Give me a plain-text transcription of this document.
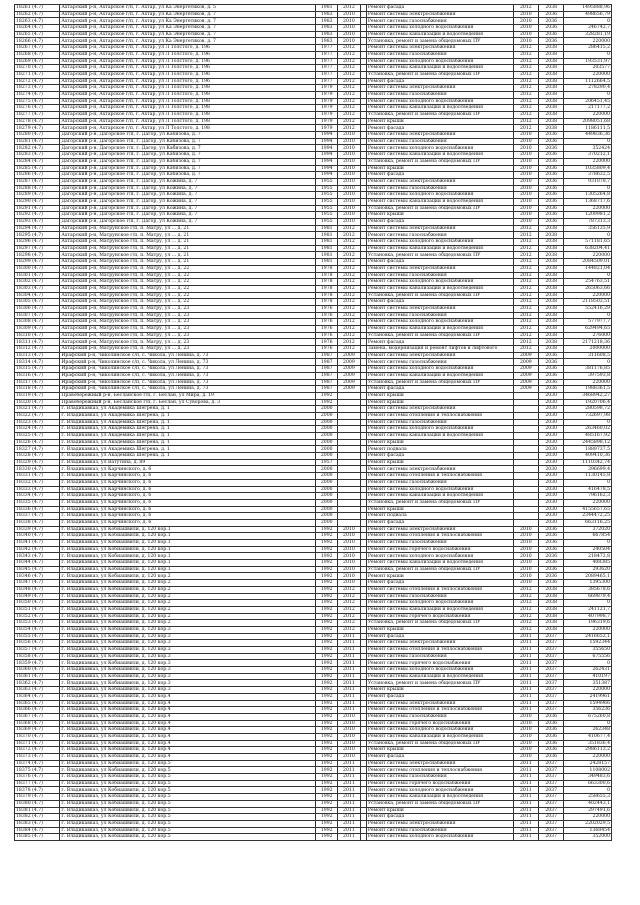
18261 (4.7)	Ахтарский р-н, Ахтарское г/п, г. Ахтар, ул Ка Энергетиков, д. 5	1981	2012		Ремонт фасада	2012	2038	1495888,96
18262 (4.7)	Ахтарский р-н, Ахтарское г/п, г. Ахтар, ул Ка Энергетиков, д. 7	1983	2010		Ремонт системы электроснабжения	2010	2036	498656,79
18263 (4.7)	Ахтарский р-н, Ахтарское г/п, г. Ахтар, ул Ка Энергетиков, д. 7	1983	2010		Ремонт системы газоснабжения	2010	2036	0
18264 (4.7)	Ахтарский р-н, Ахтарское г/п, г. Ахтар, ул Ка Энергетиков, д. 7	1983	2010		Ремонт системы холодного водоснабжения	2010	2036	246742,7
18265 (4.7)	Ахтарский р-н, Ахтарское г/п, г. Ахтар, ул Ка Энергетиков, д. 7	1983	2010		Ремонт системы канализации и водоотведения	2010	2036	328281,19
18266 (4.7)	Ахтарский р-н, Ахтарское г/п, г. Ахтар, ул Ка Энергетиков, д. 7	1983	2010		Установка, ремонт и замена общедомовых ПУ	2010	2036	220000
18267 (4.7)	Ахтарский р-н, Ахтарское г/п, г. Ахтар, ул Л Толстого, д. 196	1977	2012		Ремонт системы электроснабжения	2012	2038	286415,2
18268 (4.7)	Ахтарский р-н, Ахтарское г/п, г. Ахтар, ул Л Толстого, д. 196	1977	2012		Ремонт системы газоснабжения	2012	2038	0
18269 (4.7)	Ахтарский р-н, Ахтарское г/п, г. Ахтар, ул Л Толстого, д. 196	1977	2012		Ремонт системы холодного водоснабжения	2012	2038	193531,97
18270 (4.7)	Ахтарский р-н, Ахтарское г/п, г. Ахтар, ул Л Толстого, д. 196	1977	2012		Ремонт системы канализации и водоотведения	2012	2038	203577
18271 (4.7)	Ахтарский р-н, Ахтарское г/п, г. Ахтар, ул Л Толстого, д. 196	1977	2012		Установка, ремонт и замена общедомовых ПУ	2012	2038	220000
18272 (4.7)	Ахтарский р-н, Ахтарское г/п, г. Ахтар, ул Л Толстого, д. 196	1977	2012		Ремонт фасада	2012	2038	1112664,5
18273 (4.7)	Ахтарский р-н, Ахтарское г/п, г. Ахтар, ул Л Толстого, д. 198	1979	2012		Ремонт системы электроснабжения	2012	2038	278290,4
18274 (4.7)	Ахтарский р-н, Ахтарское г/п, г. Ахтар, ул Л Толстого, д. 198	1979	2012		Ремонт системы газоснабжения	2012	2038	0
18275 (4.7)	Ахтарский р-н, Ахтарское г/п, г. Ахтар, ул Л Толстого, д. 198	1979	2012		Ремонт системы холодного водоснабжения	2012	2038	206451,45
18276 (4.7)	Ахтарский р-н, Ахтарское г/п, г. Ахтар, ул Л Толстого, д. 198	1979	2012		Ремонт системы канализации и водоотведения	2012	2038	217177,2
18277 (4.7)	Ахтарский р-н, Ахтарское г/п, г. Ахтар, ул Л Толстого, д. 198	1979	2012		Установка, ремонт и замена общедомовых ПУ	2012	2038	220000
18278 (4.7)	Ахтарский р-н, Ахтарское г/п, г. Ахтар, ул Л Толстого, д. 198	1979	2012		Ремонт крыши	2012	2038	2098051,68
18279 (4.7)	Ахтарский р-н, Ахтарское г/п, г. Ахтар, ул Л Толстого, д. 198	1979	2012		Ремонт фасада	2012	2038	1186111,5
18280 (4.7)	Дагорский р-н, Дагорское г/п, г. Дагор, ул Кабизова, д. 7	1994	2010		Ремонт системы электроснабжения	2010	2036	449836,36
18281 (4.7)	Дагорский р-н, Дагорское г/п, г. Дагор, ул Кабизова, д. 7	1994	2010		Ремонт системы газоснабжения	2010	2036	0
18282 (4.7)	Дагорский р-н, Дагорское г/п, г. Дагор, ул Кабизова, д. 7	1994	2010		Ремонт системы холодного водоснабжения	2010	2036	352424
18283 (4.7)	Дагорский р-н, Дагорское г/п, г. Дагор, ул Кабизова, д. 7	1994	2010		Ремонт системы канализации и водоотведения	2010	2036	370212,1
18284 (4.7)	Дагорский р-н, Дагорское г/п, г. Дагор, ул Кабизова, д. 7	1994	2010		Установка, ремонт и замена общедомовых ПУ	2010	2036	220000
18285 (4.7)	Дагорский р-н, Дагорское г/п, г. Дагор, ул Кабизова, д. 7	1994	2010		Ремонт крыши	2010	2036	1035809,4
18286 (4.7)	Дагорский р-н, Дагорское г/п, г. Дагор, ул Кабизова, д. 7	1994	2010		Ремонт фасада	2010	2036	378632,5
18287 (4.7)	Дагорский р-н, Дагорское г/п, г. Дагор, ул Кожина, д. 7	1955	2010		Ремонт системы электроснабжения	2010	2036	931078,7
18288 (4.7)	Дагорский р-н, Дагорское г/п, г. Дагор, ул Кожина, д. 7	1955	2010		Ремонт системы газоснабжения	2010	2036	0
18289 (4.7)	Дагорский р-н, Дагорское г/п, г. Дагор, ул Кожина, д. 7	1955	2010		Ремонт системы холодного водоснабжения	2010	2036	1305264,8
18290 (4.7)	Дагорский р-н, Дагорское г/п, г. Дагор, ул Кожина, д. 7	1955	2010		Ремонт системы канализации и водоотведения	2010	2036	1368717,6
18291 (4.7)	Дагорский р-н, Дагорское г/п, г. Дагор, ул Кожина, д. 7	1955	2010		Установка, ремонт и замена общедомовых ПУ	2010	2036	220000
18292 (4.7)	Дагорский р-н, Дагорское г/п, г. Дагор, ул Кожина, д. 7	1955	2010		Ремонт крыши	2010	2036	1209981,2
18293 (4.7)	Дагорский р-н, Дагорское г/п, г. Дагор, ул Кожина, д. 7	1955	2010		Ремонт фасада	2010	2036	787313,3
18294 (4.7)	Ахтарский р-н, Матрунское г/п, п. Матру, ул ... д. 21	1981	2012		Ремонт системы электроснабжения	2012	2038	356135,9
18295 (4.7)	Ахтарский р-н, Матрунское г/п, п. Матру, ул ... д. 21	1981	2012		Ремонт системы газоснабжения	2012	2038	0
18296 (4.7)	Ахтарский р-н, Матрунское г/п, п. Матру, ул ... д. 21	1981	2012		Ремонт системы холодного водоснабжения	2012	2038	571181,65
18297 (4.7)	Ахтарский р-н, Матрунское г/п, п. Матру, ул ... д. 21	1981	2012		Ремонт системы канализации и водоотведения	2012	2038	638204,41
18298 (4.7)	Ахтарский р-н, Матрунское г/п, п. Матру, ул ... д. 21	1981	2012		Установка, ремонт и замена общедомовых ПУ	2012	2038	220000
18299 (4.7)	Ахтарский р-н, Матрунское г/п, п. Матру, ул ... д. 21	1981	2012		Ремонт фасада	2012	2038	2084509,01
18300 (4.7)	Ахтарский р-н, Матрунское г/п, п. Матру, ул ... д. 22	1978	2012		Ремонт системы электроснабжения	2012	2038	144821,04
18301 (4.7)	Ахтарский р-н, Матрунское г/п, п. Матру, ул ... д. 22	1978	2012		Ремонт системы газоснабжения	2012	2038	0
18302 (4.7)	Ахтарский р-н, Матрунское г/п, п. Матру, ул ... д. 22	1978	2012		Ремонт системы холодного водоснабжения	2012	2038	254763,51
18303 (4.7)	Ахтарский р-н, Матрунское г/п, п. Матру, ул ... д. 22	1978	2012		Ремонт системы канализации и водоотведения	2012	2038	265063,66
18304 (4.7)	Ахтарский р-н, Матрунское г/п, п. Матру, ул ... д. 22	1978	2012		Установка, ремонт и замена общедомовых ПУ	2012	2038	220000
18305 (4.7)	Ахтарский р-н, Матрунское г/п, п. Матру, ул ... д. 22	1978	2012		Ремонт фасада	2012	2038	2118503,51
18306 (4.7)	Ахтарский р-н, Матрунское г/п, п. Матру, ул ... д. 23	1976	2012		Ремонт системы электроснабжения	2012	2038	552416,29
18307 (4.7)	Ахтарский р-н, Матрунское г/п, п. Матру, ул ... д. 23	1976	2012		Ремонт системы газоснабжения	2012	2038	0
18308 (4.7)	Ахтарский р-н, Матрунское г/п, п. Матру, ул ... д. 23	1976	2012		Ремонт системы холодного водоснабжения	2012	2038	577977,7
18309 (4.7)	Ахтарский р-н, Матрунское г/п, п. Матру, ул ... д. 23	1976	2012		Ремонт системы канализации и водоотведения	2012	2038	629494,65
18310 (4.7)	Ахтарский р-н, Матрунское г/п, п. Матру, ул ... д. 23	1976	2012		Установка, ремонт и замена общедомовых ПУ	2012	2038	276000
18311 (4.7)	Ахтарский р-н, Матрунское г/п, п. Матру, ул ... д. 23	1976	2012		Ремонт фасада	2012	2038	2171218,36
18312 (4.7)	Ахтарский р-н, Матрунское г/п, п. Матру, ул ... д. 23	1976	2012		Замена, модернизация и ремонт лифтов и лифтового	2012	2038	2000000
18313 (4.7)	Ирафский р-н, Чиколинское с/п, с. Чикола, ул Ленина, д. 73	1987	2009		Ремонт системы электроснабжения	2009	2036	311608,5
18314 (4.7)	Ирафский р-н, Чиколинское с/п, с. Чикола, ул Ленина, д. 73	1987	2009		Ремонт системы газоснабжения	2009	2036	0
18315 (4.7)	Ирафский р-н, Чиколинское с/п, с. Чикола, ул Ленина, д. 73	1987	2009		Ремонт системы холодного водоснабжения	2009	2036	381176,85
18316 (4.7)	Ирафский р-н, Чиколинское с/п, с. Чикола, ул Ленина, д. 73	1987	2009		Ремонт системы канализации и водоотведения	2009	2036	397593,8
18317 (4.7)	Ирафский р-н, Чиколинское с/п, с. Чикола, ул Ленина, д. 73	1987	2009		Установка, ремонт и замена общедомовых ПУ	2009	2036	220000
18318 (4.7)	Ирафский р-н, Чиколинское с/п, с. Чикола, ул Ленина, д. 73	1987	2009		Ремонт фасада	2009	2036	1988361,5
18319 (4.7)	Правобережный р-н, Бесланское г/п, г. Беслан, ул Мира, д. 19	1992			Ремонт крыши		2030	3468942,27
18320 (4.7)	Правобережный р-н, Бесланское г/п, г. Беслан, ул Суворова, д. 3	1992			Ремонт крыши		2030	1920706,4
18321 (4.7)	г. Владикавказ, ул Академика Шегрена, д. 1	2000			Ремонт системы электроснабжения		2030	280598,72
18322 (4.7)	г. Владикавказ, ул Академика Шегрена, д. 1	2000			Ремонт системы отопления и теплоснабжения		2030	732697,98
18323 (4.7)	г. Владикавказ, ул Академика Шегрена, д. 1	2000			Ремонт системы газоснабжения		2030	0
18324 (4.7)	г. Владикавказ, ул Академика Шегрена, д. 1	2000			Ремонт системы холодного водоснабжения		2030	263460,02
18325 (4.7)	г. Владикавказ, ул Академика Шегрена, д. 1	2000			Ремонт системы канализации и водоотведения		2030	485167,92
18326 (4.7)	г. Владикавказ, ул Академика Шегрена, д. 1	2000			Ремонт крыши		2030	2445898,12
18327 (4.7)	г. Владикавказ, ул Академика Шегрена, д. 1	2000			Ремонт подвала		2030	1889737,5
18328 (4.7)	г. Владикавказ, ул Академика Шегрена, д. 1	2000			Ремонт фасада		2030	409410,36
18329 (4.7)	г. Владикавказ, ул Ватутина, д. 89	1957			Ремонт крыши		2030	1110342,74
18330 (4.7)	г. Владикавказ, ул Карчинского, д. 6	2000			Ремонт системы электроснабжения		2030	396699,4
18331 (4.7)	г. Владикавказ, ул Карчинского, д. 6	2000			Ремонт системы отопления и теплоснабжения		2030	1130145,8
18332 (4.7)	г. Владикавказ, ул Карчинского, д. 6	2000			Ремонт системы газоснабжения		2030	0
18333 (4.7)	г. Владикавказ, ул Карчинского, д. 6	2000			Ремонт системы холодного водоснабжения		2030	416478,5
18334 (4.7)	г. Владикавказ, ул Карчинского, д. 6	2000			Ремонт системы канализации и водоотведения		2030	796162,3
18335 (4.7)	г. Владикавказ, ул Карчинского, д. 6	2000			Установка, ремонт и замена общедомовых ПУ		2030	220000
18336 (4.7)	г. Владикавказ, ул Карчинского, д. 6	2000			Ремонт крыши		2030	4155657,65
18337 (4.7)	г. Владикавказ, ул Карчинского, д. 6	2000			Ремонт подвала		2030	2344472,25
18338 (4.7)	г. Владикавказ, ул Карчинского, д. 6	2000			Ремонт фасада		2030	663116,25
18339 (4.7)	г. Владикавказ, ул Кобиашвили, д. 120 кор.1	1992	2010		Ремонт системы электроснабжения	2010	2036	372020
18340 (4.7)	г. Владикавказ, ул Кобиашвили, д. 120 кор.1	1992	2010		Ремонт системы отопления и теплоснабжения	2010	2036	667854
18341 (4.7)	г. Владикавказ, ул Кобиашвили, д. 120 кор.1	1992	2010		Ремонт системы газоснабжения	2010	2036	0
18342 (4.7)	г. Владикавказ, ул Кобиашвили, д. 120 кор.1	1992	2010		Ремонт системы горячего водоснабжения	2010	2036	240504
18343 (4.7)	г. Владикавказ, ул Кобиашвили, д. 120 кор.1	1992	2010		Ремонт системы холодного водоснабжения	2010	2036	218472,8
18344 (4.7)	г. Владикавказ, ул Кобиашвили, д. 120 кор.1	1992	2010		Ремонт системы канализации и водоотведения	2010	2036	408385
18345 (4.7)	г. Владикавказ, ул Кобиашвили, д. 120 кор.1	1992	2010		Установка, ремонт и замена общедомовых ПУ	2010	2036	293620
18346 (4.7)	г. Владикавказ, ул Кобиашвили, д. 120 кор.2	1992	2010		Ремонт крыши	2010	2036	2089465,1
18347 (4.7)	г. Владикавказ, ул Кобиашвили, д. 120 кор.2	1992	2010		Ремонт фасада	2010	2036	1395300
18348 (4.7)	г. Владикавказ, ул Кобиашвили, д. 120 кор.2	1992	2012		Ремонт системы отопления и теплоснабжения	2012	2038	385678,6
18349 (4.7)	г. Владикавказ, ул Кобиашвили, д. 120 кор.2	1992	2012		Ремонт системы газоснабжения	2012	2038	669879,4
18350 (4.7)	г. Владикавказ, ул Кобиашвили, д. 120 кор.2	1992	2012		Ремонт системы холодного водоснабжения	2012	2038	0
18351 (4.7)	г. Владикавказ, ул Кобиашвили, д. 120 кор.2	1992	2012		Ремонт системы канализации и водоотведения	2012	2038	241121,7
18352 (4.7)	г. Владикавказ, ул Кобиашвили, д. 120 кор.2	1992	2012		Ремонт системы горячего водоснабжения	2012	2038	407998,7
18353 (4.7)	г. Владикавказ, ул Кобиашвили, д. 120 кор.2	1992	2012		Установка, ремонт и замена общедомовых ПУ	2012	2038	196319,6
18354 (4.7)	г. Владикавказ, ул Кобиашвили, д. 120 кор.3	1992	2012		Ремонт крыши	2012	2038	220000
18355 (4.7)	г. Владикавказ, ул Кобиашвили, д. 120 кор.3	1992	2011		Ремонт фасада	2011	2037	2416652,1
18356 (4.7)	г. Владикавказ, ул Кобиашвили, д. 120 кор.3	1992	2011		Ремонт системы электроснабжения	2011	2037	1592344
18357 (4.7)	г. Владикавказ, ул Кобиашвили, д. 120 кор.3	1992	2011		Ремонт системы отопления и теплоснабжения	2011	2037	355650
18358 (4.7)	г. Владикавказ, ул Кобиашвили, д. 120 кор.3	1992	2011		Ремонт системы газоснабжения	2011	2037	675556
18359 (4.7)	г. Владикавказ, ул Кобиашвили, д. 120 кор.3	1992	2011		Ремонт системы горячего водоснабжения	2011	2037	0
18360 (4.7)	г. Владикавказ, ул Кобиашвили, д. 120 кор.3	1992	2011		Ремонт системы холодного водоснабжения	2011	2037	262431
18361 (4.7)	г. Владикавказ, ул Кобиашвили, д. 120 кор.3	1992	2011		Ремонт системы канализации и водоотведения	2011	2037	410197
18362 (4.7)	г. Владикавказ, ул Кобиашвили, д. 120 кор.3	1992	2011		Установка, ремонт и замена общедомовых ПУ	2011	2037	351387
18363 (4.7)	г. Владикавказ, ул Кобиашвили, д. 120 кор.3	1992	2011		Ремонт крыши	2011	2037	220000
18364 (4.7)	г. Владикавказ, ул Кобиашвили, д. 120 кор.4	1992	2011		Ремонт фасада	2011	2037	2419961
18365 (4.7)	г. Владикавказ, ул Кобиашвили, д. 120 кор.4	1992	2011		Ремонт системы электроснабжения	2011	2037	1594966
18366 (4.7)	г. Владикавказ, ул Кобиашвили, д. 120 кор.4	1992	2011		Ремонт системы отопления и теплоснабжения	2011	2037	356236
18367 (4.7)	г. Владикавказ, ул Кобиашвили, д. 120 кор.4	1992	2010		Ремонт системы газоснабжения	2010	2036	675260,8
18368 (4.7)	г. Владикавказ, ул Кобиашвили, д. 120 кор.4	1992	2010		Ремонт системы горячего водоснабжения	2010	2036	0
18369 (4.7)	г. Владикавказ, ул Кобиашвили, д. 120 кор.4	1992	2010		Ремонт системы холодного водоснабжения	2010	2036	262348
18370 (4.7)	г. Владикавказ, ул Кобиашвили, д. 120 кор.4	1992	2010		Ремонт системы канализации и водоотведения	2010	2036	410677,4
18371 (4.7)	г. Владикавказ, ул Кобиашвили, д. 120 кор.4	1992	2010		Установка, ремонт и замена общедомовых ПУ	2010	2036	351836,4
18372 (4.7)	г. Владикавказ, ул Кобиашвили, д. 120 кор.4	1992	2010		Ремонт крыши	2010	2036	2986113,2
18373 (4.7)	г. Владикавказ, ул Кобиашвили, д. 120 кор.4	1992	2010		Ремонт фасада	2010	2036	220000
18374 (4.7)	г. Владикавказ, ул Кобиашвили, д. 120 кор.5	1992	2011		Ремонт системы электроснабжения	2011	2037	2428157
18375 (4.7)	г. Владикавказ, ул Кобиашвили, д. 120 кор.5	1992	2011		Ремонт системы отопления и теплоснабжения	2011	2037	1108002
18376 (4.7)	г. Владикавказ, ул Кобиашвили, д. 120 кор.5	1992	2011		Ремонт системы газоснабжения	2011	2037	349483,6
18377 (4.7)	г. Владикавказ, ул Кобиашвили, д. 120 кор.5	1992	2011		Ремонт системы горячего водоснабжения	2011	2037	663300,6
18378 (4.7)	г. Владикавказ, ул Кобиашвили, д. 120 кор.5	1992	2011		Ремонт системы холодного водоснабжения	2011	2037	0
18379 (4.7)	г. Владикавказ, ул Кобиашвили, д. 120 кор.5	1992	2011		Ремонт системы канализации и водоотведения	2011	2037	258655,3
18380 (4.7)	г. Владикавказ, ул Кобиашвили, д. 120 кор.5	1992	2011		Установка, ремонт и замена общедомовых ПУ	2011	2037	402443,1
18381 (4.7)	г. Владикавказ, ул Кобиашвили, д. 120 кор.5	1992	2011		Ремонт крыши	2011	2037	297491,6
18382 (4.7)	г. Владикавказ, ул Кобиашвили, д. 120 кор.5	1992	2011		Ремонт фасада	2011	2037	220000
18383 (4.7)	г. Владикавказ, ул Кобиашвили, д. 120 кор.5	1992	2011		Ремонт системы электроснабжения	2011	2037	2202029,5
18384 (4.7)	г. Владикавказ, ул Кобиашвили, д. 120 кор.5	1992	2011		Ремонт системы газоснабжения	2011	2037	1368454
18385 (4.7)	г. Владикавказ, ул Кобиашвили, д. 120 кор.5	1992	2011		Ремонт системы холодного водоснабжения	2011	2037	352000
